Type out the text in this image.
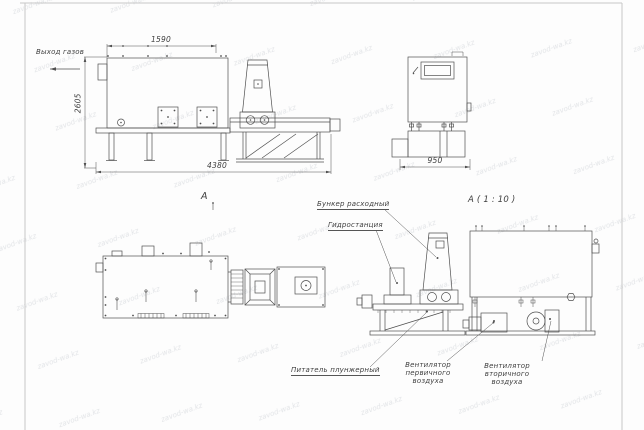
Выход газов
1590
2605
4380
950
А	А ( 1 : 10 )
Бункер расходный
Гидростанция
Питатель плунжерный
Вентилятор первичного воздуха
Вентилятор вторичного воздуха
